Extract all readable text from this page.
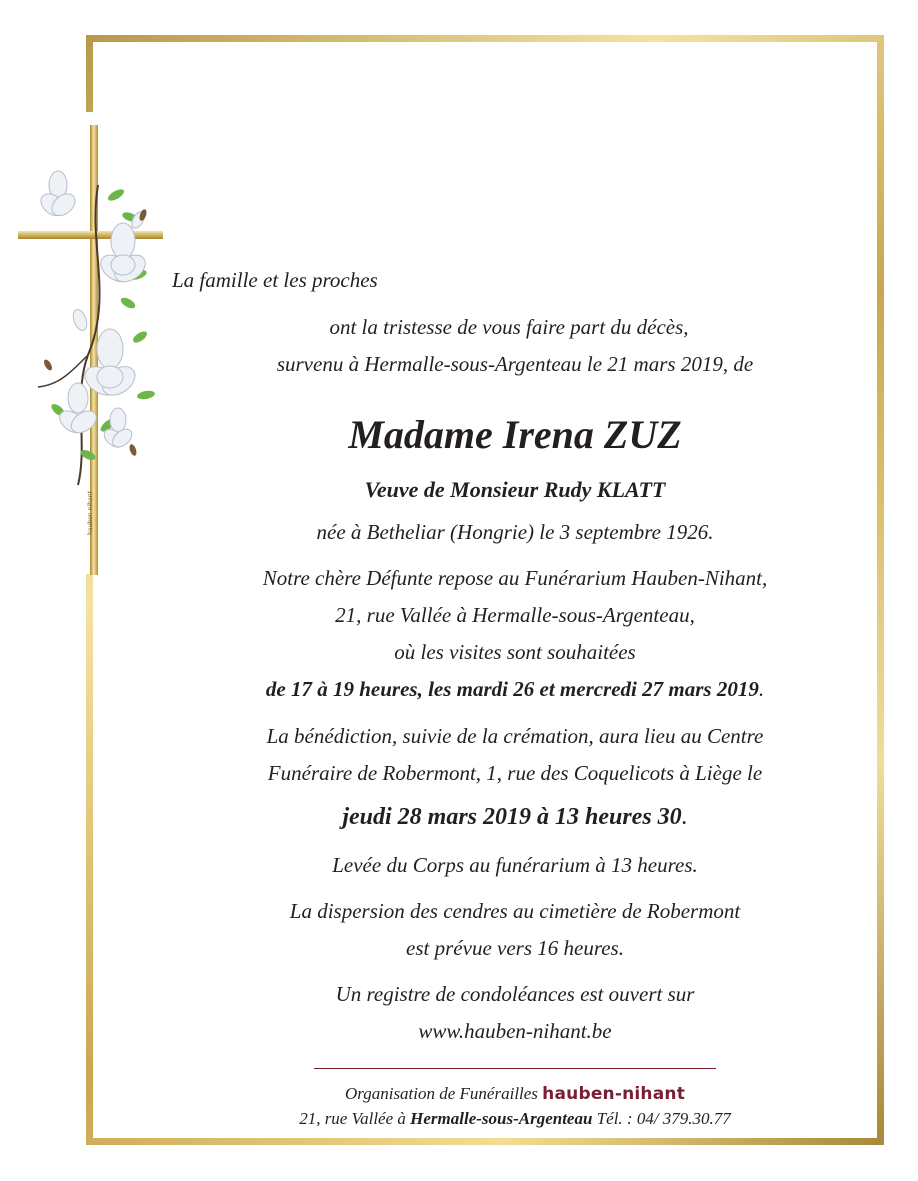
hauben-nihant
La famille et les proches
ont la tristesse de vous faire part du décès,
survenu à Hermalle-sous-Argenteau le 21 mars 2019, de
Madame Irena ZUZ
Veuve de Monsieur Rudy KLATT
née à Betheliar (Hongrie) le 3 septembre 1926.
Notre chère Défunte repose au Funérarium Hauben-Nihant,
21, rue Vallée à Hermalle-sous-Argenteau,
où les visites sont souhaitées
de 17 à 19 heures, les mardi 26 et mercredi 27 mars 2019.
La bénédiction, suivie de la crémation, aura lieu au Centre
Funéraire de Robermont, 1, rue des Coquelicots à Liège le
jeudi 28 mars 2019 à 13 heures 30.
Levée du Corps au funérarium à 13 heures.
La dispersion des cendres au cimetière de Robermont
est prévue vers 16 heures.
Un registre de condoléances est ouvert sur
www.hauben-nihant.be
Organisation de Funérailles hauben-nihant
21, rue Vallée à Hermalle-sous-Argenteau Tél. : 04/ 379.30.77
